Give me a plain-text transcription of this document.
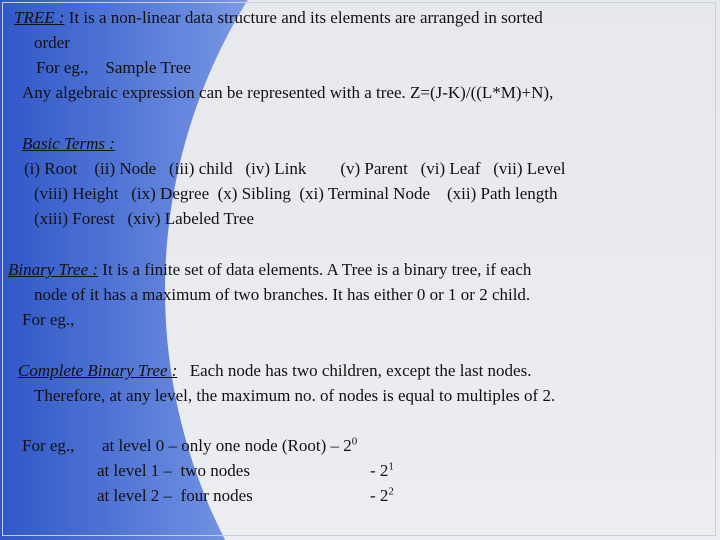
TREE : It is a non-linear data structure and its elements are arranged in sorted
order
For eg.,    Sample Tree
Any algebraic expression can be represented with a tree. Z=(J-K)/((L*M)+N),
Basic Terms :
(i) Root    (ii) Node   (iii) child   (iv) Link        (v) Parent   (vi) Leaf   (vii) Level
(viii) Height   (ix) Degree  (x) Sibling  (xi) Terminal Node    (xii) Path length
(xiii) Forest   (xiv) Labeled Tree
Binary Tree : It is a finite set of data elements. A Tree is a binary tree, if each
node of it has a maximum of two branches. It has either 0 or 1 or 2 child.
For eg.,
Complete Binary Tree : Each node has two children, except the last nodes.
Therefore, at any level, the maximum no. of nodes is equal to multiples of 2.
For eg., at level 0 – only one node (Root) – $2^0$
at level 1 –  two nodes	- $2^1$
at level 2 –  four nodes	- $2^2$
